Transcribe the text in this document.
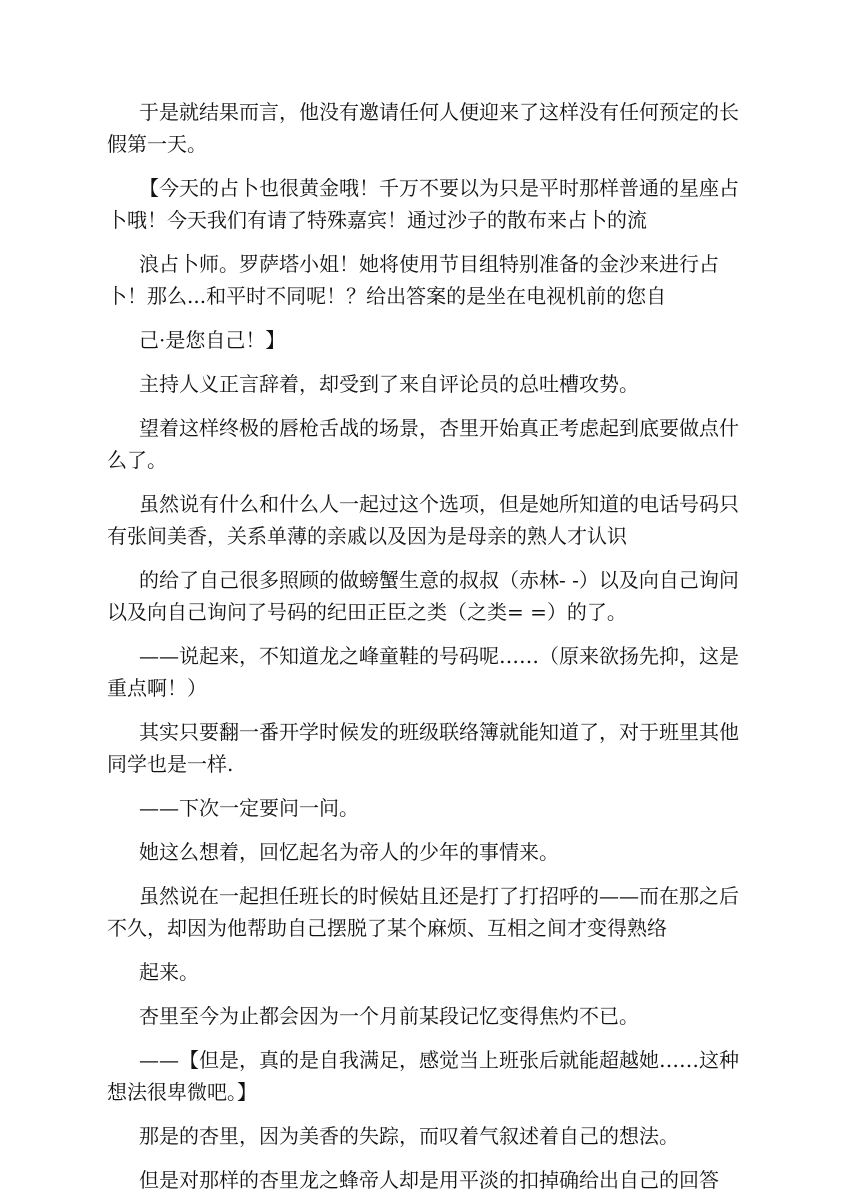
于是就结果而言，他没有邀请任何人便迎来了这样没有任何预定的长假第一天。

【今天的占卜也很黄金哦！千万不要以为只是平时那样普通的星座占卜哦！今天我们有请了特殊嘉宾！通过沙子的散布来占卜的流

浪占卜师。罗萨塔小姐！她将使用节目组特别准备的金沙来进行占卜！那么...和平时不同呢！？给出答案的是坐在电视机前的您自

己·是您自己！】

主持人义正言辞着，却受到了来自评论员的总吐槽攻势。

望着这样终极的唇枪舌战的场景，杏里开始真正考虑起到底要做点什么了。

虽然说有什么和什么人一起过这个选项，但是她所知道的电话号码只有张间美香，关系单薄的亲戚以及因为是母亲的熟人才认识

的给了自己很多照顾的做螃蟹生意的叔叔（赤林- -）以及向自己询问以及向自己询问了号码的纪田正臣之类（之类= =）的了。

——说起来，不知道龙之峰童鞋的号码呢……（原来欲扬先抑，这是重点啊！）

其实只要翻一番开学时候发的班级联络簿就能知道了，对于班里其他同学也是一样.

——下次一定要问一问。

她这么想着，回忆起名为帝人的少年的事情来。

虽然说在一起担任班长的时候姑且还是打了打招呼的——而在那之后不久，却因为他帮助自己摆脱了某个麻烦、互相之间才变得熟络

起来。

杏里至今为止都会因为一个月前某段记忆变得焦灼不已。

——【但是，真的是自我满足，感觉当上班张后就能超越她……这种想法很卑微吧。】

那是的杏里，因为美香的失踪，而叹着气叙述着自己的想法。

但是对那样的杏里龙之蜂帝人却是用平淡的扣掉确给出自己的回答
